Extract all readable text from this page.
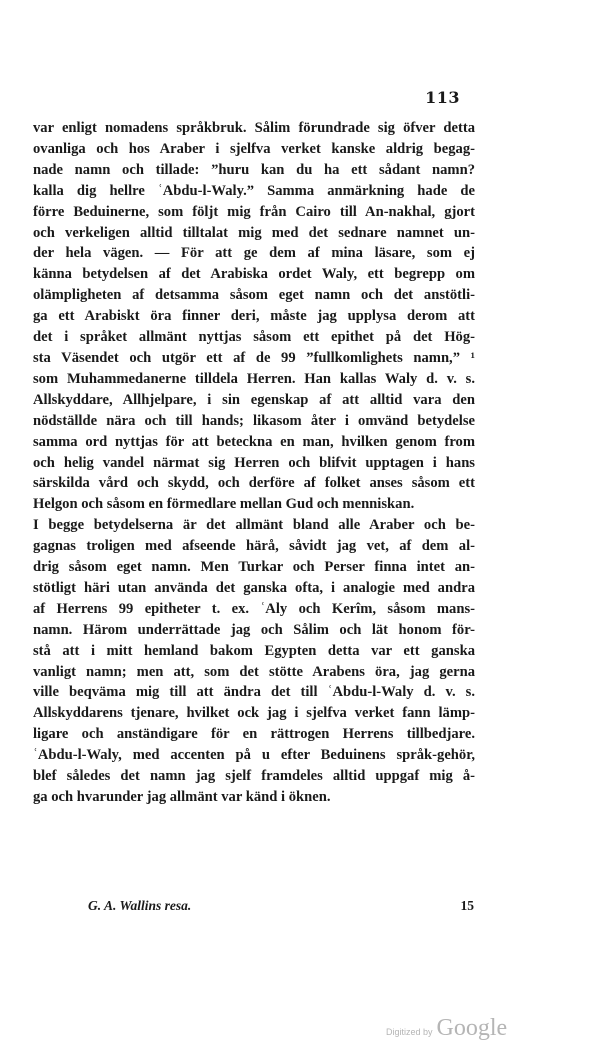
113
var enligt nomadens språkbruk. Sålim förundrade sig öfver detta
ovanliga och hos Araber i sjelfva verket kanske aldrig begag-
nade namn och tillade: ”huru kan du ha ett sådant namn?
kalla dig hellre ʿAbdu-l-Waly.” Samma anmärkning hade de
förre Beduinerne, som följt mig från Cairo till An-nakhal, gjort
och verkeligen alltid tilltalat mig med det sednare namnet un-
der hela vägen. — För att ge dem af mina läsare, som ej
känna betydelsen af det Arabiska ordet Waly, ett begrepp om
olämpligheten af detsamma såsom eget namn och det anstötli-
ga ett Arabiskt öra finner deri, måste jag upplysa derom att
det i språket allmänt nyttjas såsom ett epithet på det Hög-
sta Väsendet och utgör ett af de 99 ”fullkomlighets namn,” ¹
som Muhammedanerne tilldela Herren. Han kallas Waly d. v. s.
Allskyddare, Allhjelpare, i sin egenskap af att alltid vara den
nödställde nära och till hands; likasom åter i omvänd betydelse
samma ord nyttjas för att beteckna en man, hvilken genom from
och helig vandel närmat sig Herren och blifvit upptagen i hans
särskilda vård och skydd, och derföre af folket anses såsom ett
Helgon och såsom en förmedlare mellan Gud och menniskan.
I begge betydelserna är det allmänt bland alle Araber och be-
gagnas troligen med afseende härå, såvidt jag vet, af dem al-
drig såsom eget namn. Men Turkar och Perser finna intet an-
stötligt häri utan använda det ganska ofta, i analogie med andra
af Herrens 99 epitheter t. ex. ʿAly och Kerîm, såsom mans-
namn. Härom underrättade jag och Sålim och lät honom för-
stå att i mitt hemland bakom Egypten detta var ett ganska
vanligt namn; men att, som det stötte Arabens öra, jag gerna
ville beqväma mig till att ändra det till ʿAbdu-l-Waly d. v. s.
Allskyddarens tjenare, hvilket ock jag i sjelfva verket fann lämp-
ligare och anständigare för en rättrogen Herrens tillbedjare.
ʿAbdu-l-Waly, med accenten på u efter Beduinens språk-gehör,
blef således det namn jag sjelf framdeles alltid uppgaf mig å-
ga och hvarunder jag allmänt var känd i öknen.
G. A. Wallins resa.	15
Digitized by Google
